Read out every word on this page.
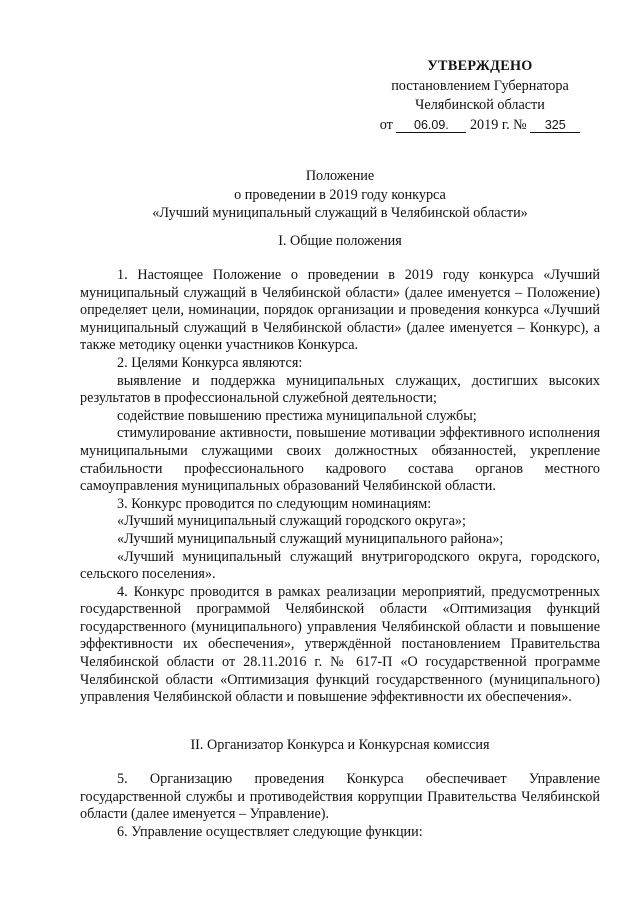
УТВЕРЖДЕНО
постановлением Губернатора
Челябинской области
от 06.09. 2019 г. № 325
Положение
о проведении в 2019 году конкурса
«Лучший муниципальный служащий в Челябинской области»
I. Общие положения

1. Настоящее Положение о проведении в 2019 году конкурса «Лучший муниципальный служащий в Челябинской области» (далее именуется – Положение) определяет цели, номинации, порядок организации и проведения конкурса «Лучший муниципальный служащий в Челябинской области» (далее именуется – Конкурс), а также методику оценки участников Конкурса.

2. Целями Конкурса являются:

выявление и поддержка муниципальных служащих, достигших высоких результатов в профессиональной служебной деятельности;

содействие повышению престижа муниципальной службы;

стимулирование активности, повышение мотивации эффективного исполнения муниципальными служащими своих должностных обязанностей, укрепление стабильности профессионального кадрового состава органов местного самоуправления муниципальных образований Челябинской области.

3. Конкурс проводится по следующим номинациям:

«Лучший муниципальный служащий городского округа»;

«Лучший муниципальный служащий муниципального района»;

«Лучший муниципальный служащий внутригородского округа, городского, сельского поселения».

4. Конкурс проводится в рамках реализации мероприятий, предусмотренных государственной программой Челябинской области «Оптимизация функций государственного (муниципального) управления Челябинской области и повышение эффективности их обеспечения», утверждённой постановлением Правительства Челябинской области от 28.11.2016 г. № 617-П «О государственной программе Челябинской области «Оптимизация функций государственного (муниципального) управления Челябинской области и повышение эффективности их обеспечения».

II. Организатор Конкурса и Конкурсная комиссия

5. Организацию проведения Конкурса обеспечивает Управление государственной службы и противодействия коррупции Правительства Челябинской области (далее именуется – Управление).

6. Управление осуществляет следующие функции:
